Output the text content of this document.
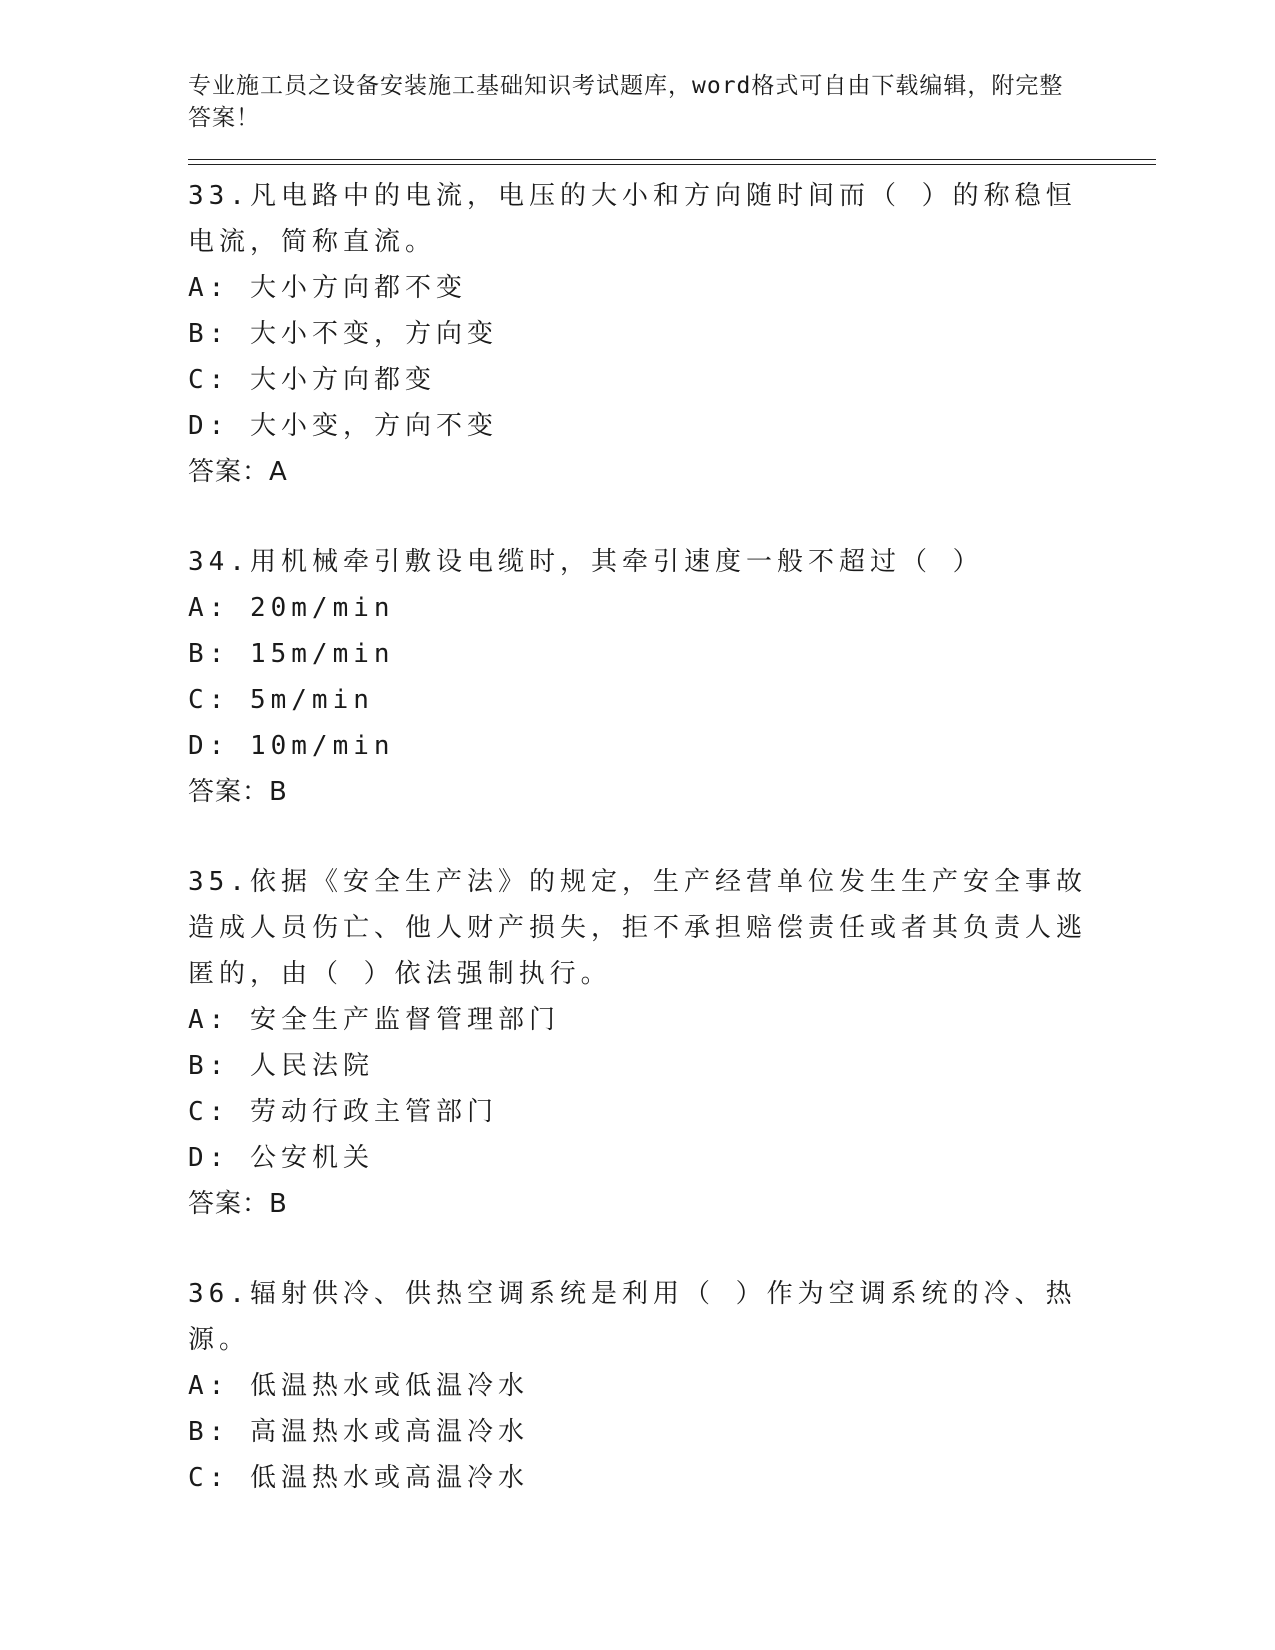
专业施工员之设备安装施工基础知识考试题库，word格式可自由下载编辑，附完整答案！
33.凡电路中的电流，电压的大小和方向随时间而（ ）的称稳恒电流，简称直流。
A: 大小方向都不变
B: 大小不变，方向变
C: 大小方向都变
D: 大小变，方向不变
答案：A
34.用机械牵引敷设电缆时，其牵引速度一般不超过（ ）
A: 20m/min
B: 15m/min
C: 5m/min
D: 10m/min
答案：B
35.依据《安全生产法》的规定，生产经营单位发生生产安全事故造成人员伤亡、他人财产损失，拒不承担赔偿责任或者其负责人逃匿的，由（ ）依法强制执行。
A: 安全生产监督管理部门
B: 人民法院
C: 劳动行政主管部门
D: 公安机关
答案：B
36.辐射供冷、供热空调系统是利用（ ）作为空调系统的冷、热源。
A: 低温热水或低温冷水
B: 高温热水或高温冷水
C: 低温热水或高温冷水
